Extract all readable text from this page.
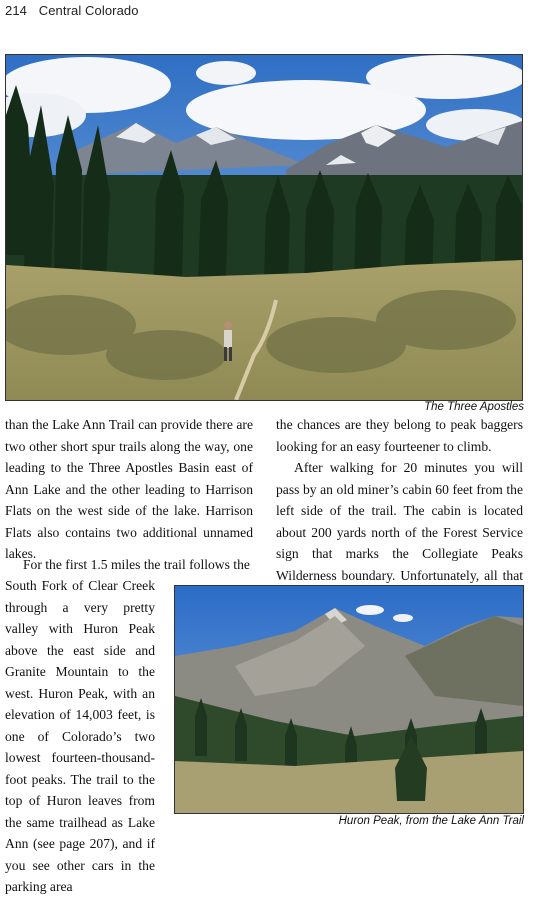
214 Central Colorado
The Three Apostles

than the Lake Ann Trail can provide there are two other short spur trails along the way, one leading to the Three Apostles Basin east of Ann Lake and the other leading to Harrison Flats on the west side of the lake. Harrison Flats also contains two additional unnamed lakes.

For the first 1.5 miles the trail follows the

South Fork of Clear Creek through a very pretty valley with Huron Peak above the east side and Granite Mountain to the west. Huron Peak, with an elevation of 14,003 feet, is one of Colorado’s two lowest fourteen-thousand-foot peaks. The trail to the top of Huron leaves from the same trailhead as Lake Ann (see page 207), and if you see other cars in the parking area

the chances are they belong to peak baggers looking for an easy fourteener to climb.

After walking for 20 minutes you will pass by an old miner’s cabin 60 feet from the left side of the trail. The cabin is located about 200 yards north of the Forest Service sign that marks the Collegiate Peaks Wilderness boundary. Unfortunately, all that

Huron Peak, from the Lake Ann Trail
